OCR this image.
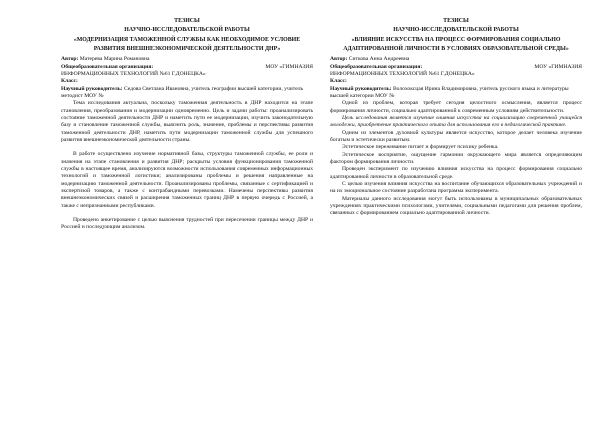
ТЕЗИСЫ

НАУЧНО-ИССЛЕДОВАТЕЛЬСКОЙ РАБОТЫ

«МОДЕРНИЗАЦИЯ ТАМОЖЕННОЙ СЛУЖБЫ КАК НЕОБХОДИМОЕ УСЛОВИЕ РАЗВИТИЯ ВНЕШНЕЭКОНОМИЧЕСКОЙ ДЕЯТЕЛЬНОСТИ ДНР»

Автор: Матерева Марина Романовна
Общеобразовательная организация:	МОУ «ГИМНАЗИЯ
ИНФОРМАЦИОННЫХ ТЕХНОЛОГИЙ №61 Г.ДОНЕЦКА»
Класс:
Научный руководитель: Седова Светлана Ивановна, учитель географии высшей категории, учитель методист МОУ №

Тема исследования актуальна, поскольку таможенная деятельность в ДНР находится на этапе становления, преобразования и модернизации одновременно. Цель и задачи работы: проанализировать состояние таможенной деятельности ДНР и наметить пути ее модернизации, изучить законодательную базу и становление таможенной службы, выяснить роль, значение, проблемы и перспективы развития таможенной деятельности ДНР, наметить пути модернизации таможенной службы для успешного развития внешнеэкономической деятельности страны.

В работе осуществлено изучение нормативной базы, структуры таможенной службы, ее роли и значения на этапе становления и развития ДНР; раскрыты условия функционирования таможенной службы в настоящее время, анализируются возможности использования современных информационных технологий и таможенной логистики; анализированы проблемы и решения направленные на модернизацию таможенной деятельности. Проанализированы проблемы, связанные с сертификацией и экспертизой товаров, а также с контрабандными перевозками. Намечены перспективы развития внешнеэкономических связей и расширения таможенных границ ДНР в первую очередь с Россией, а также с непризнанными республиками.

Проведено анкетирование с целью выяснения трудностей при пересечении границы между ДНР и Россией и последующим анализом.

ТЕЗИСЫ

НАУЧНО-ИССЛЕДОВАТЕЛЬСКОЙ РАБОТЫ

«ВЛИЯНИЕ ИСКУССТВА НА ПРОЦЕСС ФОРМИРОВАНИЯ СОЦИАЛЬНО АДАПТИРОВАННОЙ ЛИЧНОСТИ В УСЛОВИЯХ ОБРАЗОВАТЕЛЬНОЙ СРЕДЫ»

Автор: Ситкова Анна Андреевна
Общеобразовательная организация:	МОУ «ГИМНАЗИЯ
ИНФОРМАЦИОННЫХ ТЕХНОЛОГИЙ №61 Г.ДОНЕЦКА»
Класс:
Научный руководитель: Волохоксцая Ирина Владимировна, учитель русского языка и литературы высшей категории МОУ №

Одной из проблем, которая требует сегодня целостного осмысления, является процесс формирования личности, социально адаптированной к современным условиям действительности.

Цель исследования является изучение влияния искусства на социализацию современной учащейся молодежи, приобретение практического опыта для использования его в педагогической практике.

Одним из элементов духовной культуры является искусство, которое делает человека изучение богатым и эстетически развитым.

Эстетическое переживание питает и формирует психику ребенка.

Эстетическое восприятие, ощущение гармонии окружающего мира является определяющим фактором формирования личности.

Проведен эксперимент по изучению влияния искусства на процесс формирования социально адаптированной личности в образовательной среде.

С целью изучения влияния искусства на воспитание обучающихся образовательных учреждений и на их эмоциональное состояние разработана программа эксперимента.

Материалы данного исследования могут быть использованы в муниципальных образовательных учреждениях практическими психологами, учителями, социальными педагогами для решения проблем, связанных с формированием социально адаптированной личности.
